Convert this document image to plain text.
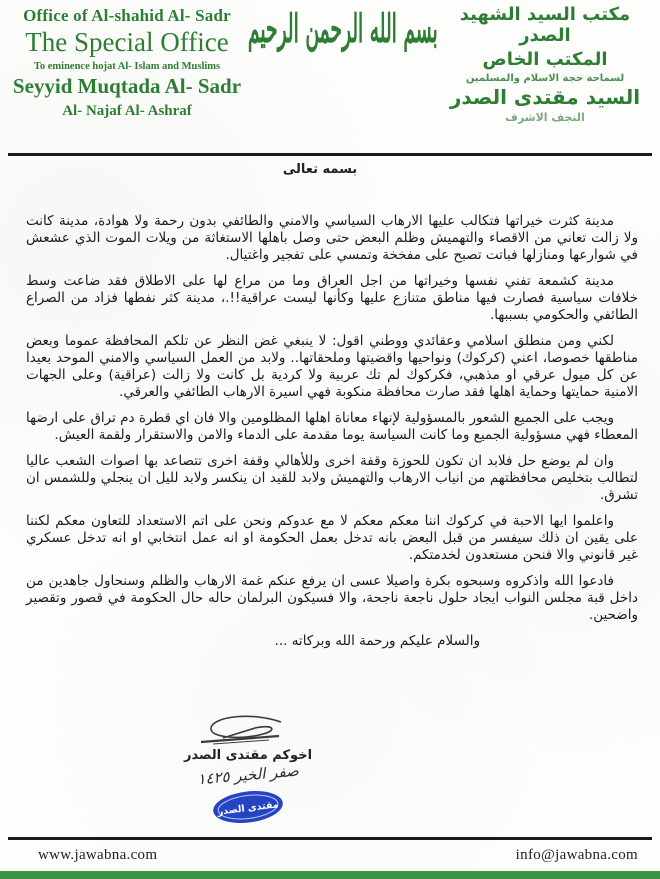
Office of Al-shahid Al- Sadr
The Special Office
To eminence hojat Al- Islam and Muslims
Seyyid Muqtada Al- Sadr
Al- Najaf Al- Ashraf
بسم الله الرحمن الرحيم	مكتب السيد الشهيد الصدر
المكتب الخاص
لسماحة حجة الاسلام والمسلمين
السيد مقتدى الصدر
النجف الاشرف
بسمه تعالى

مدينة كثرت خيراتها فتكالب عليها الارهاب السياسي والامني والطائفي بدون رحمة ولا هوادة، مدينة كانت ولا زالت تعاني من الاقصاء والتهميش وظلم البعض حتى وصل باهلها الاستغاثة من ويلات الموت الذي عشعش في شوارعها ومنازلها فباتت تصبح على مفخخة وتمسي على تفجير واغتيال.

مدينة كشمعة تفني نفسها وخيراتها من اجل العراق وما من مراع لها على الاطلاق فقد ضاعت وسط خلافات سياسية فصارت فيها مناطق متنازع عليها وكأنها ليست عراقية!!.، مدينة كثر نفطها فزاد من الصراع الطائفي والحكومي بسببها.

لكني ومن منطلق اسلامي وعقائدي ووطني اقول: لا ينبغي غض النظر عن تلكم المحافظة عموما وبعض مناطقها خصوصا، اعني (كركوك) ونواحيها واقضيتها وملحقاتها.. ولابد من العمل السياسي والامني الموحد بعيدا عن كل ميول عرقي او مذهبي، فكركوك لم تك عربية ولا كردية بل كانت ولا زالت (عراقية) وعلى الجهات الامنية حمايتها وحماية اهلها فقد صارت محافظة منكوبة فهي اسيرة الارهاب الطائفي والعرقي.

ويجب على الجميع الشعور بالمسؤولية لإنهاء معاناة اهلها المظلومين والا فان اي قطرة دم تراق على ارضها المعطاء فهي مسؤولية الجميع وما كانت السياسة يوما مقدمة على الدماء والامن والاستقرار ولقمة العيش.

وان لم يوضع حل فلابد ان تكون للحوزة وقفة اخرى وللأهالي وقفة اخرى تتصاعد بها اصوات الشعب عاليا لتطالب بتخليص محافظتهم من انياب الارهاب والتهميش ولابد للقيد ان ينكسر ولابد لليل ان ينجلي وللشمس ان تشرق.

واعلموا ايها الاحبة في كركوك اننا معكم معكم لا مع عدوكم ونحن على اتم الاستعداد للتعاون معكم لكننا على يقين ان ذلك سيفسر من قبل البعض بانه تدخل بعمل الحكومة او انه عمل انتخابي او انه تدخل عسكري غير قانوني والا فنحن مستعدون لخدمتكم.

فادعوا الله واذكروه وسبحوه بكرة واصيلا عسى ان يرفع عنكم غمة الارهاب والظلم وسنحاول جاهدين من داخل قبة مجلس النواب ايجاد حلول ناجعة ناجحة، والا فسيكون البرلمان حاله حال الحكومة في قصور وتقصير واضحين.

والسلام عليكم ورحمة الله وبركاته ...

اخوكم مقتدى الصدر
صفر الخير ١٤٢٥
مقتدى الصدر
www.jawabna.com	info@jawabna.com
